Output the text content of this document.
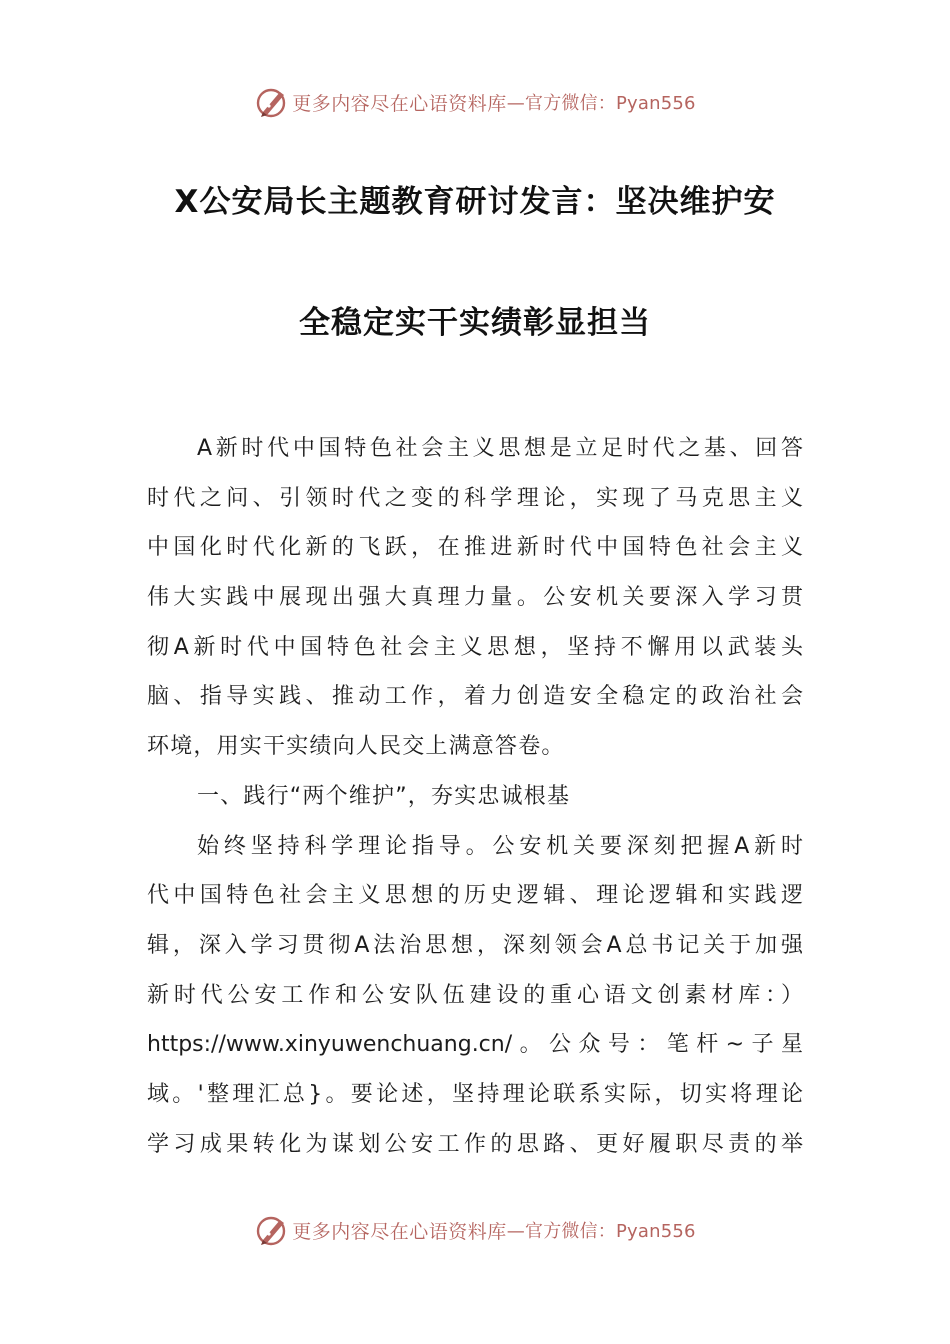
更多内容尽在心语资料库 —官方微信：Pyan556
X公安局长主题教育研讨发言：坚决维护安
全稳定实干实绩彰显担当
A新时代中国特色社会主义思想是立足时代之基、回答
时代之问、引领时代之变的科学理论，实现了马克思主义
中国化时代化新的飞跃，在推进新时代中国特色社会主义
伟大实践中展现出强大真理力量。公安机关要深入学习贯
彻A新时代中国特色社会主义思想，坚持不懈用以武装头
脑、指导实践、推动工作，着力创造安全稳定的政治社会
环境，用实干实绩向人民交上满意答卷。
一、践行“两个维护”，夯实忠诚根基
始终坚持科学理论指导。公安机关要深刻把握A新时
代中国特色社会主义思想的历史逻辑、理论逻辑和实践逻
辑，深入学习贯彻A法治思想，深刻领会A总书记关于加强
新时代公安工作和公安队伍建设的重心语文创素材库：）
https://www.xinyuwenchuang.cn/。公众号：笔杆~子星
域。'整理汇总}。要论述，坚持理论联系实际，切实将理论
学习成果转化为谋划公安工作的思路、更好履职尽责的举
更多内容尽在心语资料库 —官方微信：Pyan556
